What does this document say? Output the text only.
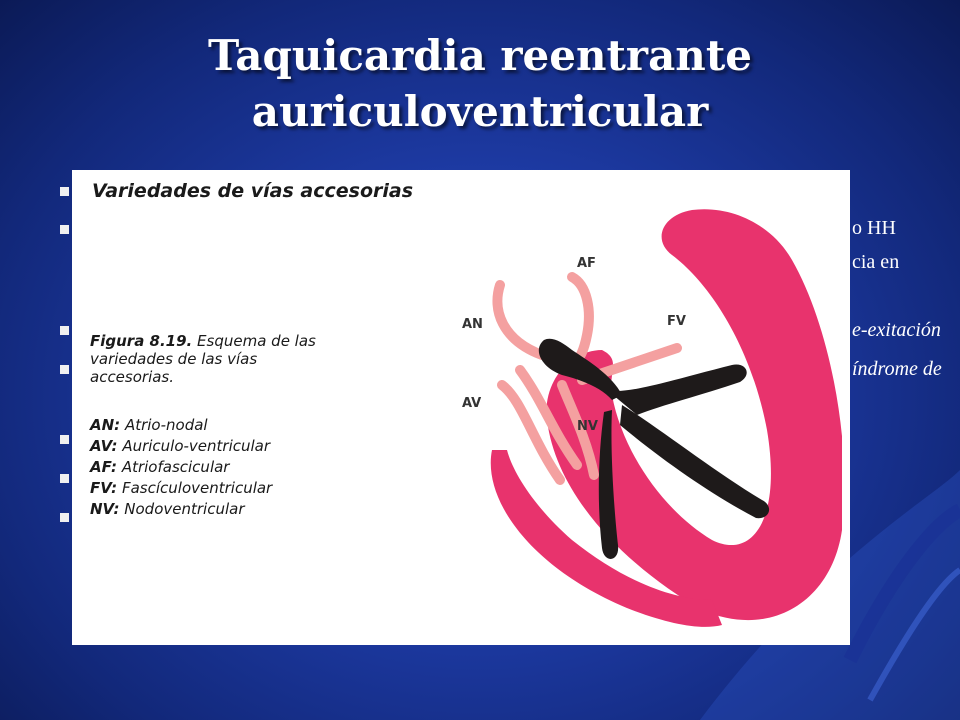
Taquicardia reentrante
auriculoventricular
o HH
cia en
e-exitación
índrome de
Variedades de vías accesorias
Figura 8.19. Esquema de las variedades de las vías accesorias.
AN: Atrio-nodal
AV: Auriculo-ventricular
AF: Atriofascicular
FV: Fascículoventricular
NV: Nodoventricular
AF
AN	FV
AV
NV
